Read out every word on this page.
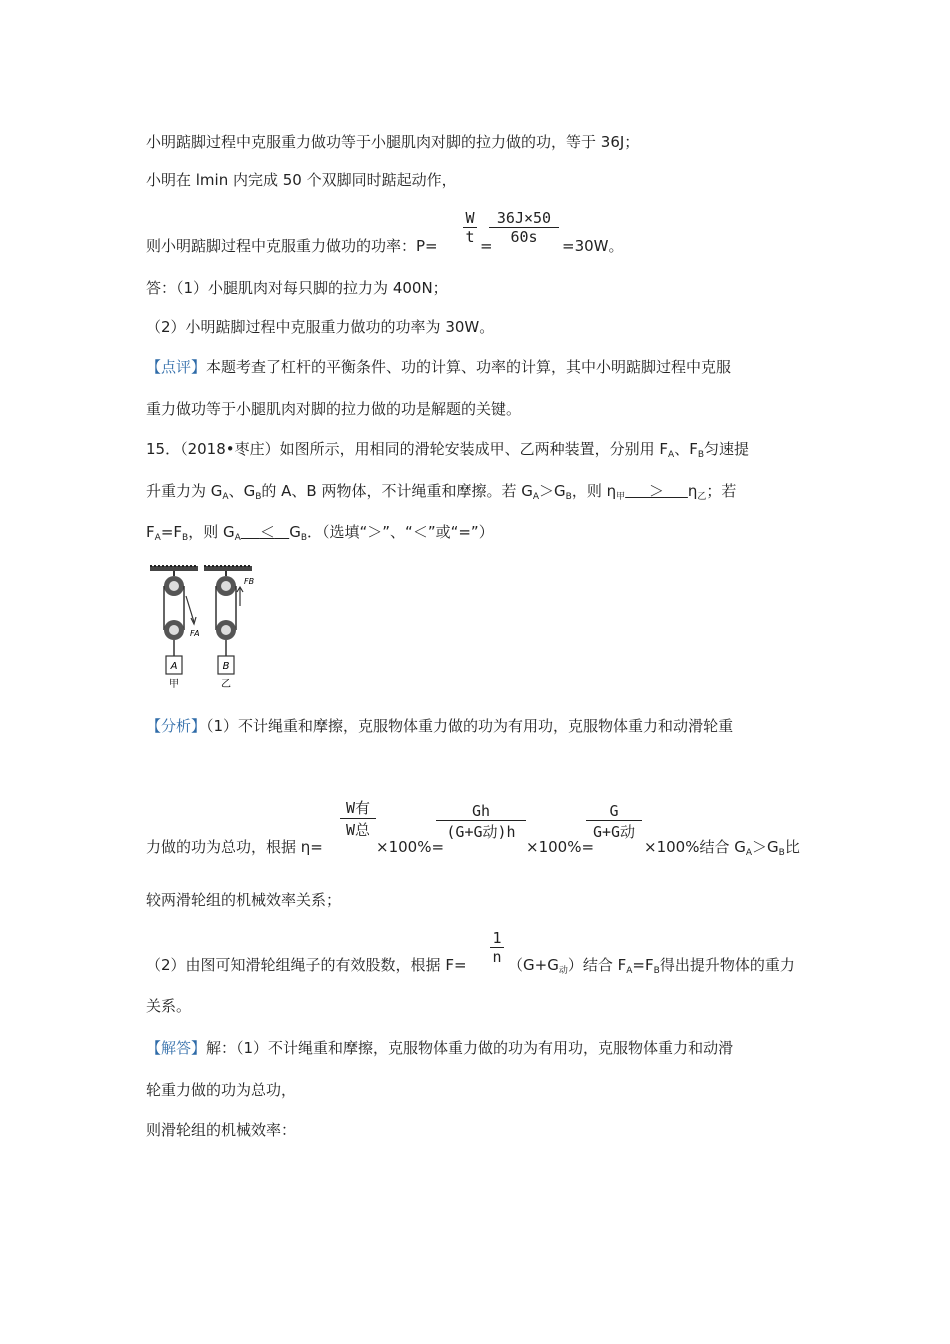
小明踮脚过程中克服重力做功等于小腿肌肉对脚的拉力做的功，等于 36J；
小明在 lmin 内完成 50 个双脚同时踮起动作，
则小明踮脚过程中克服重力做功的功率：P=
W
t =
36J×50
60s	=30W。
答：（1）小腿肌肉对每只脚的拉力为 400N；
（2）小明踮脚过程中克服重力做功的功率为 30W。
【点评】本题考查了杠杆的平衡条件、功的计算、功率的计算，其中小明踮脚过程中克服
重力做功等于小腿肌肉对脚的拉力做的功是解题的关键。
15．（2018•枣庄）如图所示，用相同的滑轮安装成甲、乙两种装置，分别用 $F_A$、$F_B$匀速提
升重力为 $G_A$、$G_B$的 A、B 两物体，不计绳重和摩擦。若 $G_A>G_B$，则 $\eta_甲 > \eta_乙$；若
$F_A=F_B$，则 $G_A < G_B$．（选填“＞”、“＜”或“=”）
FA
A
甲
FB
B
乙
【分析】（1）不计绳重和摩擦，克服物体重力做的功为有用功，克服物体重力和动滑轮重
力做的功为总功，根据 η=
W有
W总
×100%=
Gh
(G+G动)h
×100%=
G
G+G动
×100%结合 $G_A>G_B$比
较两滑轮组的机械效率关系；
（2）由图可知滑轮组绳子的有效股数，根据 F=
1
n $(G+G_动)$结合 $F_A=F_B$得出提升物体的重力
关系。
【解答】解：（1）不计绳重和摩擦，克服物体重力做的功为有用功，克服物体重力和动滑
轮重力做的功为总功，
则滑轮组的机械效率：
